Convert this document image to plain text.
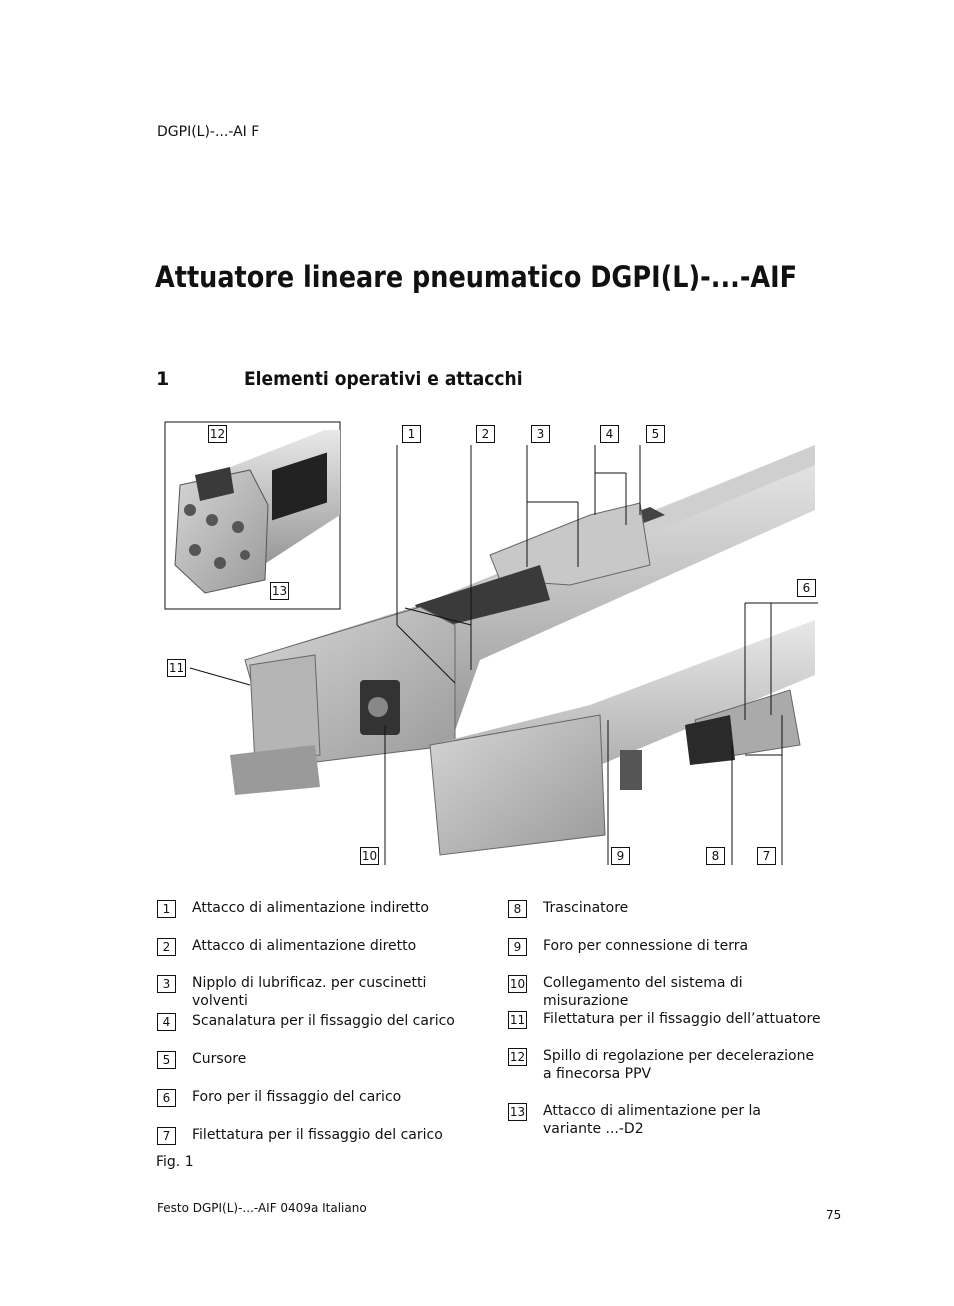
DGPI(L)-...-AI F
Attuatore lineare pneumatico DGPI(L)-...-AIF
1	Elementi operativi e attacchi
12
13
1	2	3	4	5
6
11
10	9	8	7
1	Attacco di alimentazione indiretto
2	Attacco di alimentazione diretto
3	Nipplo di lubrificaz. per cuscinetti volventi
4	Scanalatura per il fissaggio del carico
5	Cursore
6	Foro per il fissaggio del carico
7	Filettatura per il fissaggio del carico
8	Trascinatore
9	Foro per connessione di terra
10 Collegamento del sistema di misurazione
11 Filettatura per il fissaggio dell’attuatore
12 Spillo di regolazione per decelerazione a finecorsa PPV
13 Attacco di alimentazione per la variante ...-D2
Fig. 1
Festo DGPI(L)-...-AIF 0409a Italiano	75
